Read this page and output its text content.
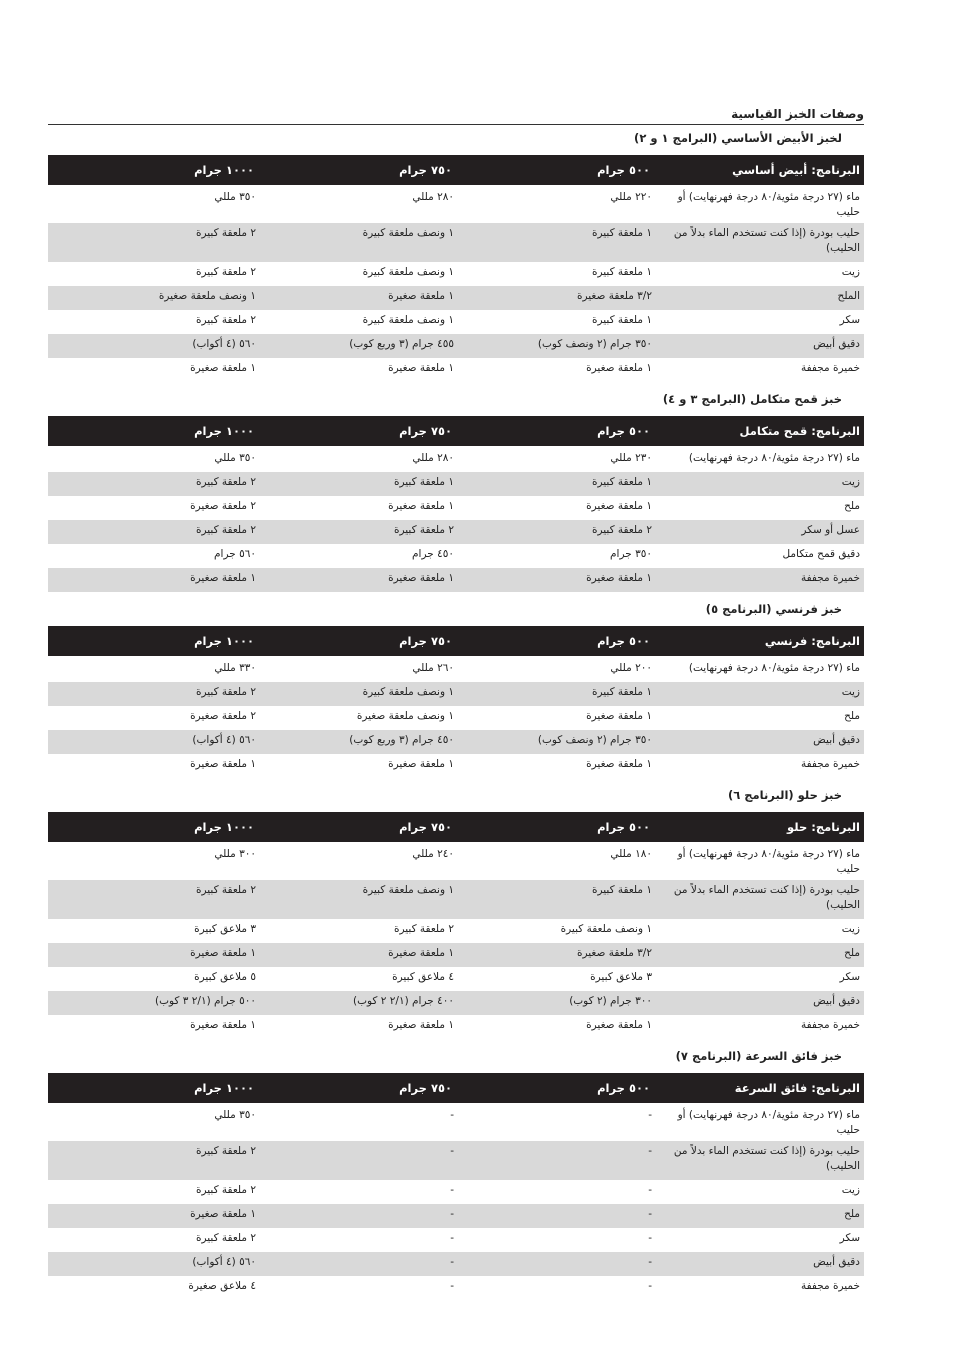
وصفات الخبز القياسية
لخبز الأبيض الأساسي (البرامج ١ و ٢)
البرنامج: أبيض أساسي	٥٠٠ جرام	٧٥٠ جرام	١٠٠٠ جرام

ماء (٢٧ درجة مئوية/٨٠ درجة فهرنهايت) أو حليب	٢٢٠ مللي	٢٨٠ مللي	٣٥٠ مللي
حليب بودرة (إذا كنت تستخدم الماء بدلاً من الحليب)	١ ملعقة كبيرة	١ ونصف ملعقة كبيرة	٢ ملعقة كبيرة
زيت	١ ملعقة كبيرة	١ ونصف ملعقة كبيرة	٢ ملعقة كبيرة
الملح	٣/٢ ملعقة صغيرة	١ ملعقة صغيرة	١ ونصف ملعقة صغيرة
سكر	١ ملعقة كبيرة	١ ونصف ملعقة كبيرة	٢ ملعقة كبيرة
دقيق أبيض	٣٥٠ جرام (٢ ونصف كوب)	٤٥٥ جرام (٣ وربع كوب)	٥٦٠ (٤ أكواب)
خميرة مجففة	١ ملعقة صغيرة	١ ملعقة صغيرة	١ ملعقة صغيرة
خبز قمح متكامل (البرامج ٣ و ٤)
البرنامج: قمح متكامل	٥٠٠ جرام	٧٥٠ جرام	١٠٠٠ جرام

ماء (٢٧ درجة مئوية/٨٠ درجة فهرنهايت)	٢٣٠ مللي	٢٨٠ مللي	٣٥٠ مللي
زيت	١ ملعقة كبيرة	١ ملعقة كبيرة	٢ ملعقة كبيرة
ملح	١ ملعقة صغيرة	١ ملعقة صغيرة	٢ ملعقة صغيرة
عسل أو سكر	٢ ملعقة كبيرة	٢ ملعقة كبيرة	٢ ملعقة كبيرة
دقيق قمح متكامل	٣٥٠ جرام	٤٥٠ جرام	٥٦٠ جرام
خميرة مجففة	١ ملعقة صغيرة	١ ملعقة صغيرة	١ ملعقة صغيرة
خبز فرنسي (البرنامج ٥)
البرنامج: فرنسي	٥٠٠ جرام	٧٥٠ جرام	١٠٠٠ جرام

ماء (٢٧ درجة مئوية/٨٠ درجة فهرنهايت)	٢٠٠ مللي	٢٦٠ مللي	٣٣٠ مللي
زيت	١ ملعقة كبيرة	١ ونصف ملعقة كبيرة	٢ ملعقة كبيرة
ملح	١ ملعقة صغيرة	١ ونصف ملعقة صغيرة	٢ ملعقة صغيرة
دقيق أبيض	٣٥٠ جرام (٢ ونصف كوب)	٤٥٠ جرام (٣ وربع كوب)	٥٦٠ (٤ أكواب)
خميرة مجففة	١ ملعقة صغيرة	١ ملعقة صغيرة	١ ملعقة صغيرة
خبز حلو (البرنامج ٦)
البرنامج: حلو	٥٠٠ جرام	٧٥٠ جرام	١٠٠٠ جرام

ماء (٢٧ درجة مئوية/٨٠ درجة فهرنهايت) أو حليب	١٨٠ مللي	٢٤٠ مللي	٣٠٠ مللي
حليب بودرة (إذا كنت تستخدم الماء بدلاً من الحليب)	١ ملعقة كبيرة	١ ونصف ملعقة كبيرة	٢ ملعقة كبيرة
زيت	١ ونصف ملعقة كبيرة	٢ ملعقة كبيرة	٣ ملاعق كبيرة
ملح	٣/٢ ملعقة صغيرة	١ ملعقة صغيرة	١ ملعقة صغيرة
سكر	٣ ملاعق كبيرة	٤ ملاعق كبيرة	٥ ملاعق كبيرة
دقيق أبيض	٣٠٠ جرام (٢ كوب)	٤٠٠ جرام (٢/١ ٢ كوب)	٥٠٠ جرام (٢/١ ٣ كوب)
خميرة مجففة	١ ملعقة صغيرة	١ ملعقة صغيرة	١ ملعقة صغيرة
خبز فائق السرعة (البرنامج ٧)
البرنامج: فائق السرعة	٥٠٠ جرام	٧٥٠ جرام	١٠٠٠ جرام

ماء (٢٧ درجة مئوية/٨٠ درجة فهرنهايت) أو حليب	-	-	٣٥٠ مللي
حليب بودرة (إذا كنت تستخدم الماء بدلاً من الحليب)	-	-	٢ ملعقة كبيرة
زيت	-	-	٢ ملعقة كبيرة
ملح	-	-	١ ملعقة صغيرة
سكر	-	-	٢ ملعقة كبيرة
دقيق أبيض	-	-	٥٦٠ (٤ أكواب)
خميرة مجففة	-	-	٤ ملاعق صغيرة
